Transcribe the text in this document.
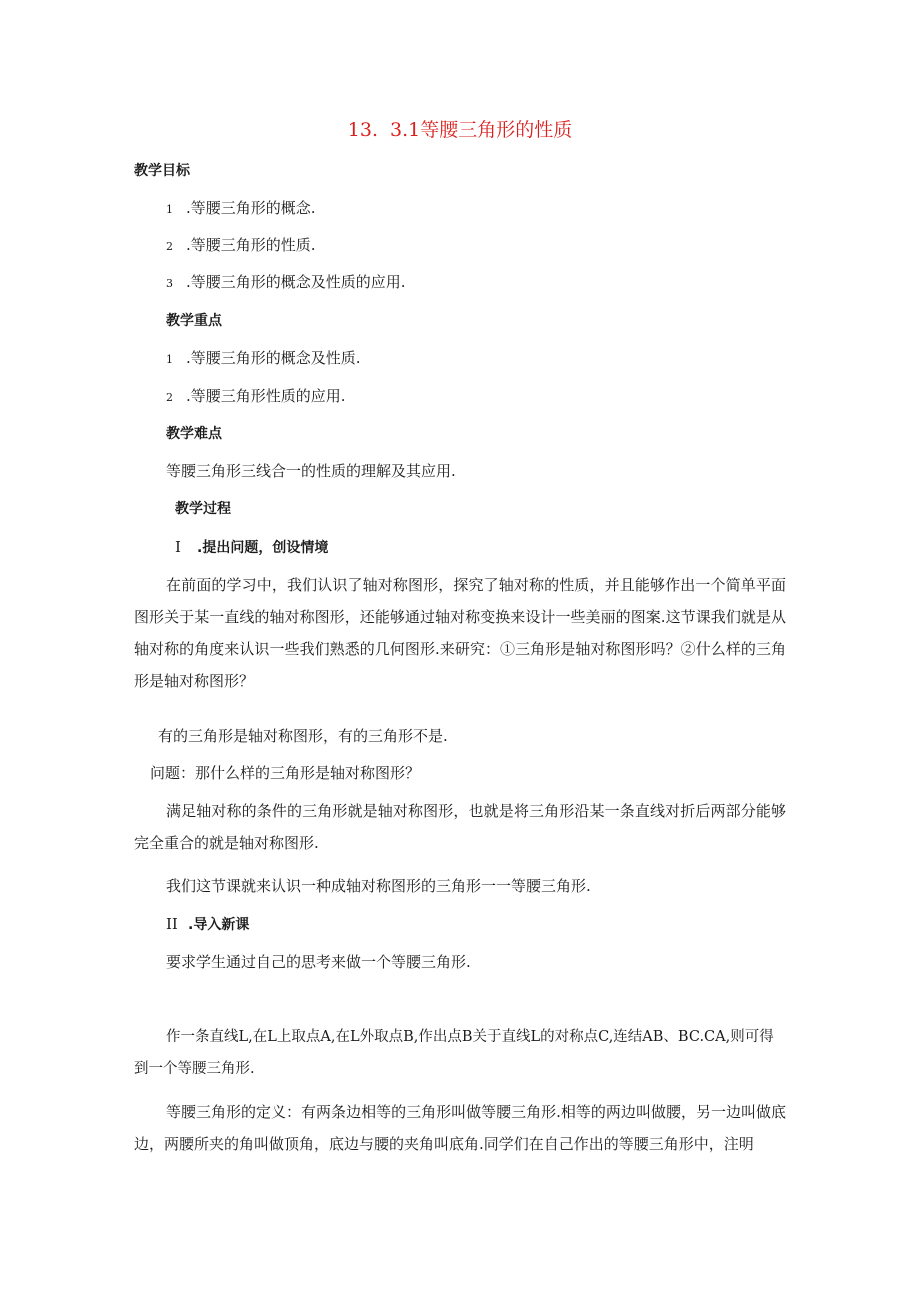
13. 3.1等腰三角形的性质
教学目标
1 .等腰三角形的概念.
2 .等腰三角形的性质.
3 .等腰三角形的概念及性质的应用.
教学重点
1 .等腰三角形的概念及性质.
2 .等腰三角形性质的应用.
教学难点
等腰三角形三线合一的性质的理解及其应用.
教学过程
I .提出问题，创设情境
在前面的学习中，我们认识了轴对称图形，探究了轴对称的性质，并且能够作出一个简单平面图形关于某一直线的轴对称图形，还能够通过轴对称变换来设计一些美丽的图案.这节课我们就是从轴对称的角度来认识一些我们熟悉的几何图形.来研究：①三角形是轴对称图形吗？②什么样的三角形是轴对称图形？
有的三角形是轴对称图形，有的三角形不是.
问题：那什么样的三角形是轴对称图形？
满足轴对称的条件的三角形就是轴对称图形，也就是将三角形沿某一条直线对折后两部分能够完全重合的就是轴对称图形.
我们这节课就来认识一种成轴对称图形的三角形一一等腰三角形.
II .导入新课
要求学生通过自己的思考来做一个等腰三角形.
作一条直线L,在L上取点A,在L外取点B,作出点B关于直线L的对称点C,连结AB、BC.CA,则可得到一个等腰三角形.
等腰三角形的定义：有两条边相等的三角形叫做等腰三角形.相等的两边叫做腰，另一边叫做底边，两腰所夹的角叫做顶角，底边与腰的夹角叫底角.同学们在自己作出的等腰三角形中，注明
